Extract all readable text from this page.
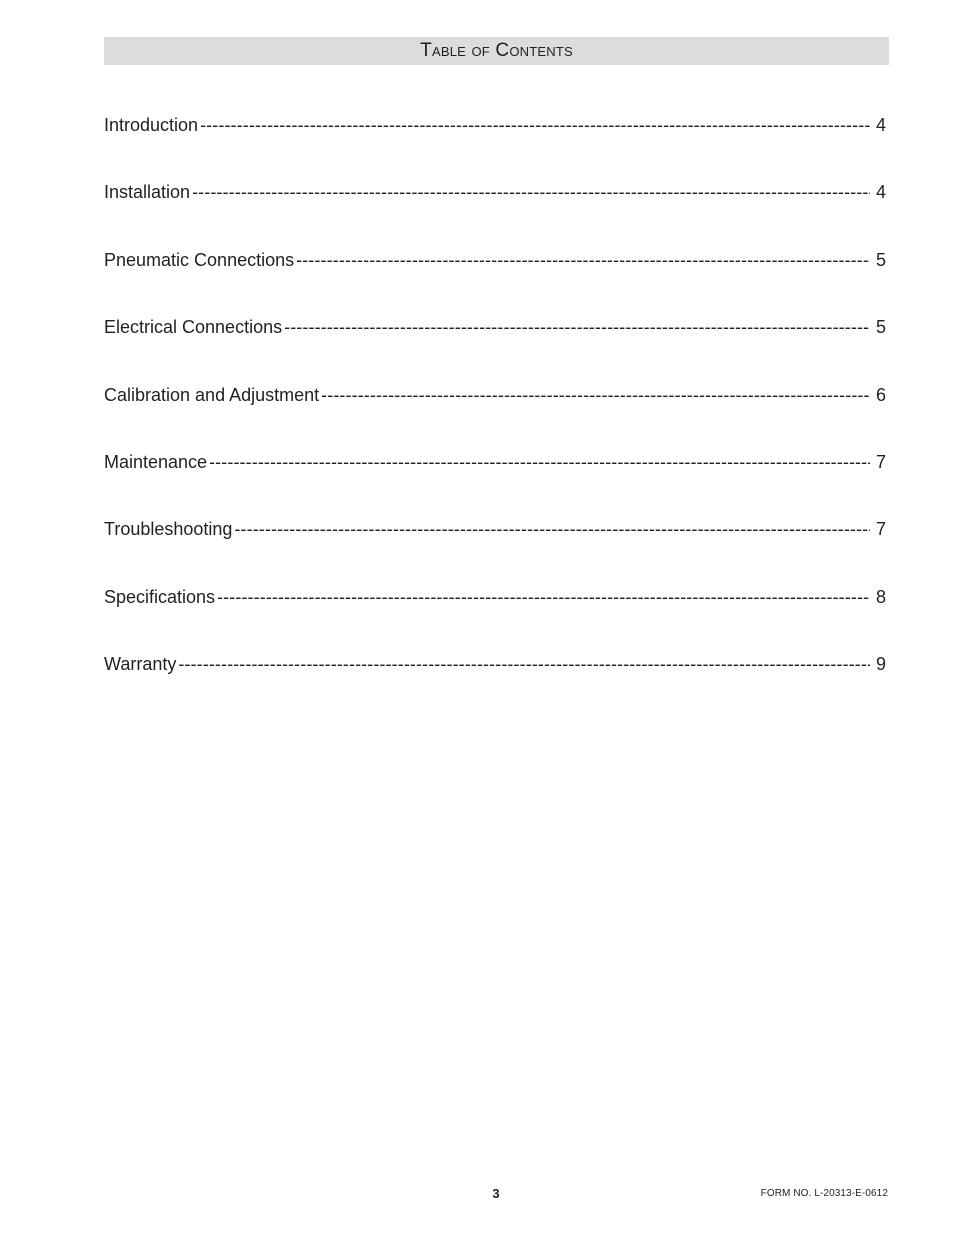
Table of Contents
Introduction -----	4
Installation -----	4
Pneumatic Connections -----	5
Electrical Connections -----	5
Calibration and Adjustment -----	6
Maintenance -----	7
Troubleshooting -----	7
Specifications -----	8
Warranty -----	9
3	FORM NO. L-20313-E-0612
